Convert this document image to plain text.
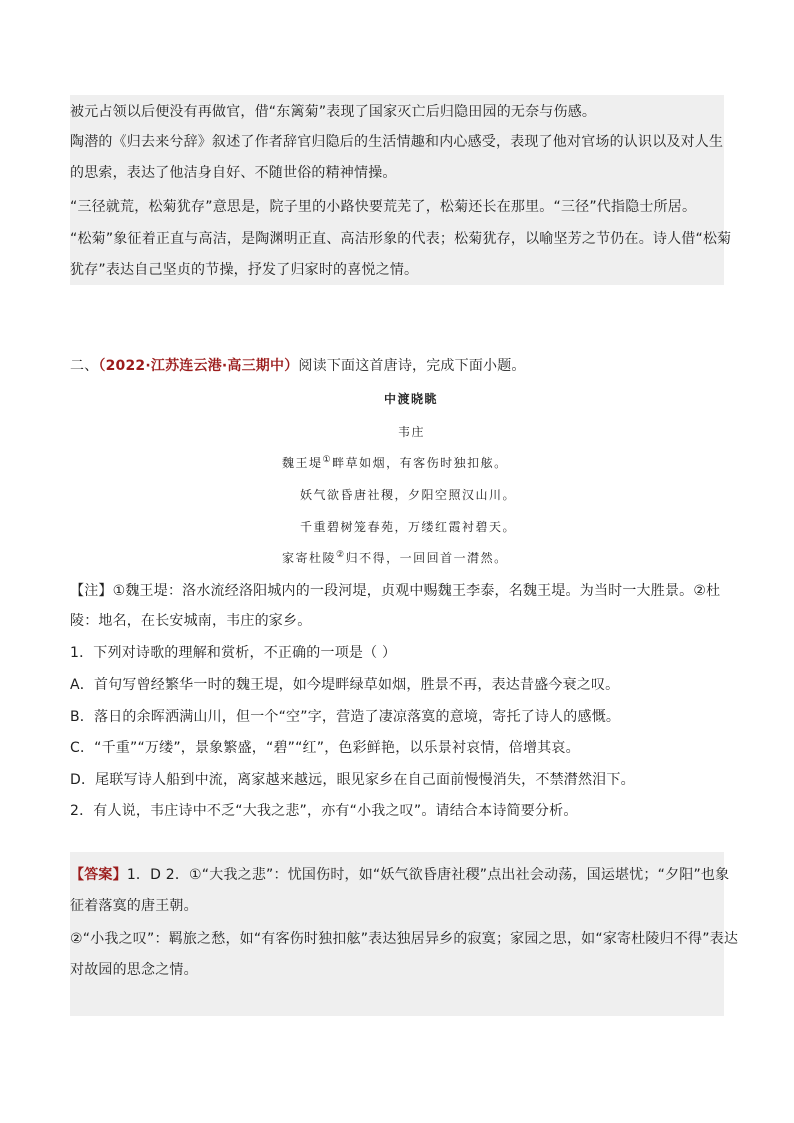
被元占领以后便没有再做官，借“东篱菊”表现了国家灭亡后归隐田园的无奈与伤感。
陶潜的《归去来兮辞》叙述了作者辞官归隐后的生活情趣和内心感受，表现了他对官场的认识以及对人生
的思索，表达了他洁身自好、不随世俗的精神情操。
“三径就荒，松菊犹存”意思是，院子里的小路快要荒芜了，松菊还长在那里。“三径”代指隐士所居。
“松菊”象征着正直与高洁，是陶渊明正直、高洁形象的代表；松菊犹存，以喻坚芳之节仍在。诗人借“松菊
犹存”表达自己坚贞的节操，抒发了归家时的喜悦之情。
二、（2022·江苏连云港·高三期中）阅读下面这首唐诗，完成下面小题。
中渡晓眺
韦庄
魏王堤①畔草如烟，有客伤时独扣舷。
妖气欲昏唐社稷，夕阳空照汉山川。
千重碧树笼春苑，万缕红霞衬碧天。
家寄杜陵②归不得，一回回首一潸然。
【注】①魏王堤：洛水流经洛阳城内的一段河堤，贞观中赐魏王李泰，名魏王堤。为当时一大胜景。②杜
陵：地名，在长安城南，韦庄的家乡。
1．下列对诗歌的理解和赏析，不正确的一项是（ ）
A．首句写曾经繁华一时的魏王堤，如今堤畔绿草如烟，胜景不再，表达昔盛今衰之叹。
B．落日的余晖洒满山川，但一个“空”字，营造了凄凉落寞的意境，寄托了诗人的感慨。
C．“千重”“万缕”，景象繁盛，“碧”“红”，色彩鲜艳，以乐景衬哀情，倍增其哀。
D．尾联写诗人船到中流，离家越来越远，眼见家乡在自己面前慢慢消失，不禁潸然泪下。
2．有人说，韦庄诗中不乏“大我之悲”，亦有“小我之叹”。请结合本诗简要分析。
【答案】1．D 2．①“大我之悲”：忧国伤时，如“妖气欲昏唐社稷”点出社会动荡，国运堪忧；“夕阳”也象
征着落寞的唐王朝。
②“小我之叹”：羁旅之愁，如“有客伤时独扣舷”表达独居异乡的寂寞；家园之思，如“家寄杜陵归不得”表达
对故园的思念之情。
